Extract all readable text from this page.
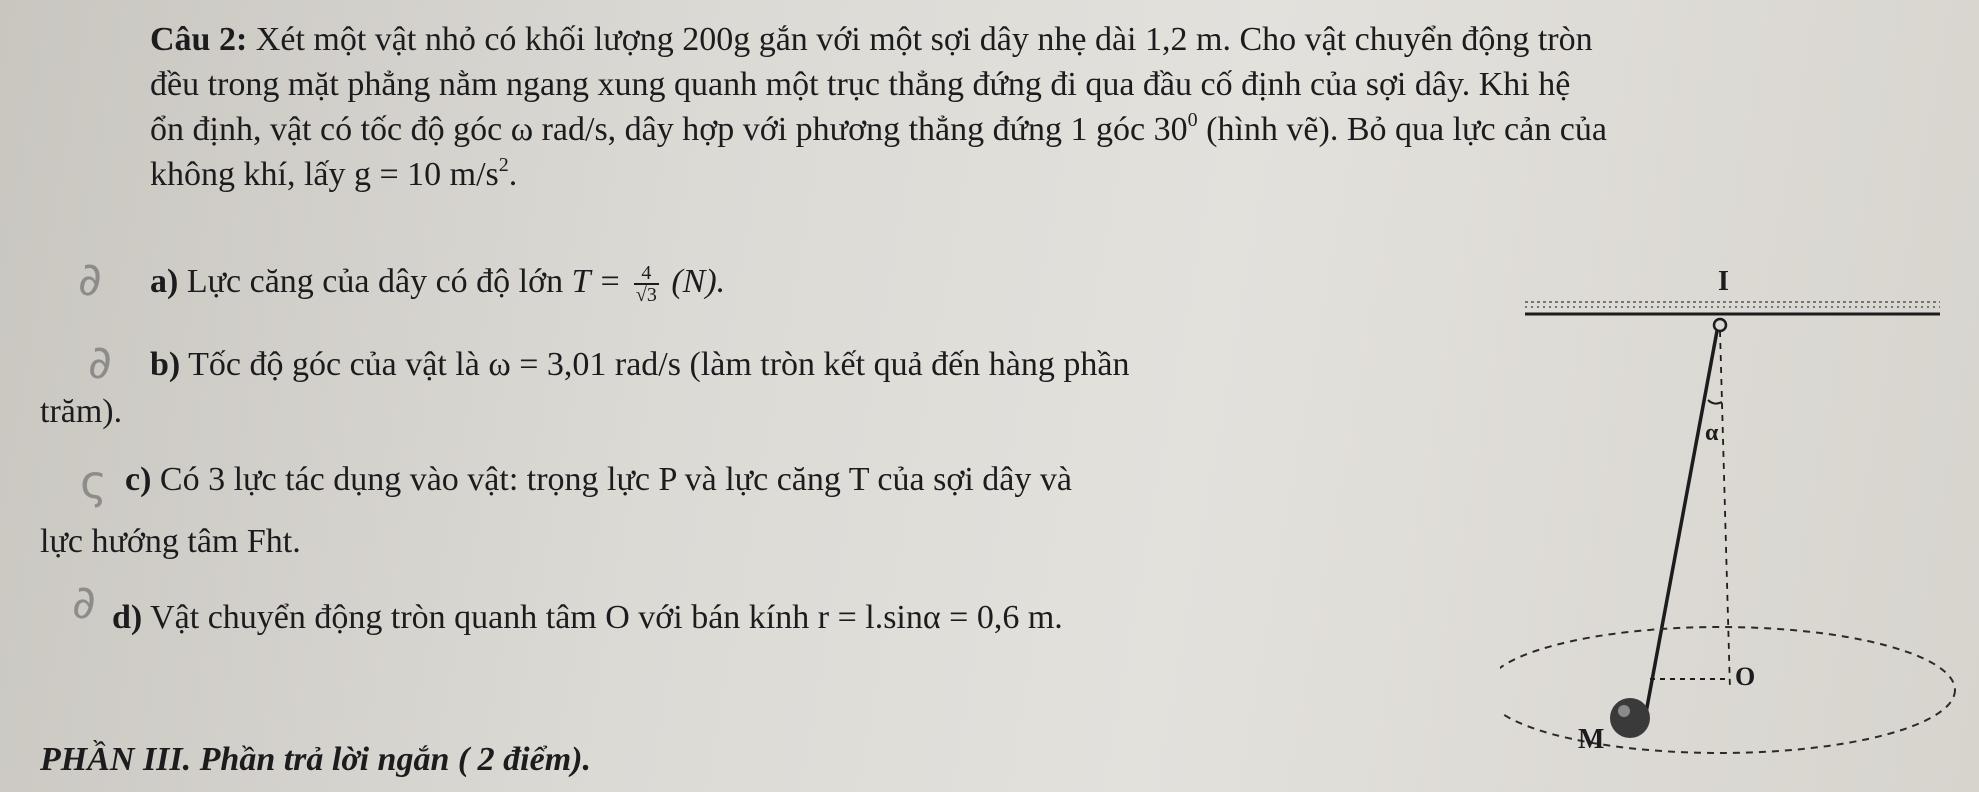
Câu 2: Xét một vật nhỏ có khối lượng 200g gắn với một sợi dây nhẹ dài 1,2 m. Cho vật chuyển động tròn
đều trong mặt phẳng nằm ngang xung quanh một trục thẳng đứng đi qua đầu cố định của sợi dây. Khi hệ
ổn định, vật có tốc độ góc ω rad/s, dây hợp với phương thẳng đứng 1 góc $30^0$ (hình vẽ). Bỏ qua lực cản của
không khí, lấy g = 10 $m/s^2$.
∂
∂
ς
∂
a) Lực căng của dây có độ lớn $T = \frac{4}{√3} (N)$.
b) Tốc độ góc của vật là ω = 3,01 rad/s (làm tròn kết quả đến hàng phần
trăm).
c) Có 3 lực tác dụng vào vật: trọng lực P và lực căng T của sợi dây và
lực hướng tâm Fht.
d) Vật chuyển động tròn quanh tâm O với bán kính r = l.sinα = 0,6 m.
PHẦN III. Phần trả lời ngắn ( 2 điểm).
I
α
O
M
